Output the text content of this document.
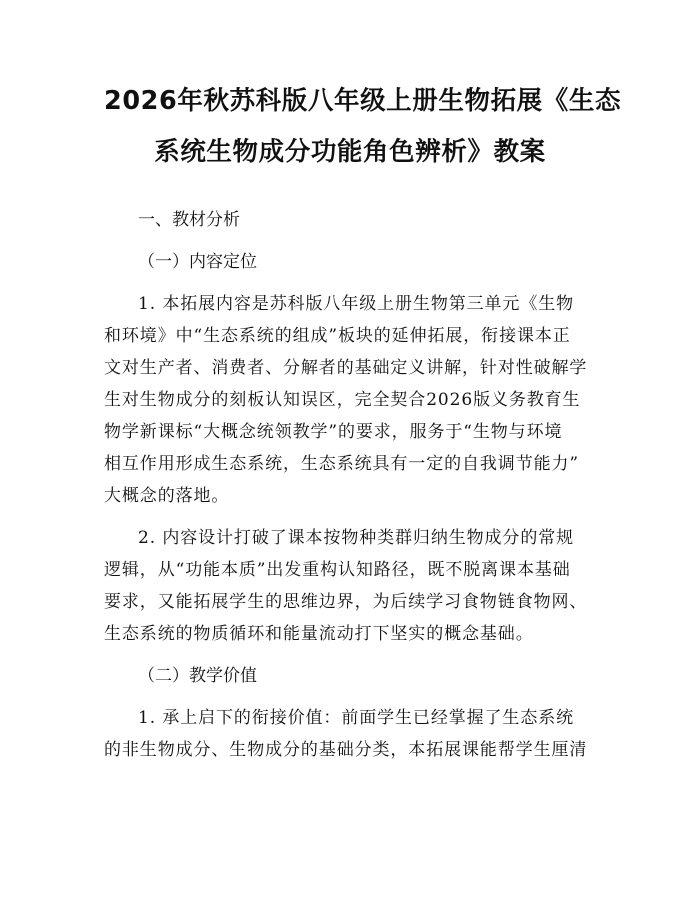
2026年秋苏科版八年级上册生物拓展《生态
系统生物成分功能角色辨析》教案

一、教材分析

（一）内容定位

1. 本拓展内容是苏科版八年级上册生物第三单元《生物
和环境》中“生态系统的组成”板块的延伸拓展，衔接课本正
文对生产者、消费者、分解者的基础定义讲解，针对性破解学
生对生物成分的刻板认知误区，完全契合2026版义务教育生
物学新课标“大概念统领教学”的要求，服务于“生物与环境
相互作用形成生态系统，生态系统具有一定的自我调节能力”
大概念的落地。

2. 内容设计打破了课本按物种类群归纳生物成分的常规
逻辑，从“功能本质”出发重构认知路径，既不脱离课本基础
要求，又能拓展学生的思维边界，为后续学习食物链食物网、
生态系统的物质循环和能量流动打下坚实的概念基础。

（二）教学价值

1. 承上启下的衔接价值：前面学生已经掌握了生态系统
的非生物成分、生物成分的基础分类，本拓展课能帮学生厘清
